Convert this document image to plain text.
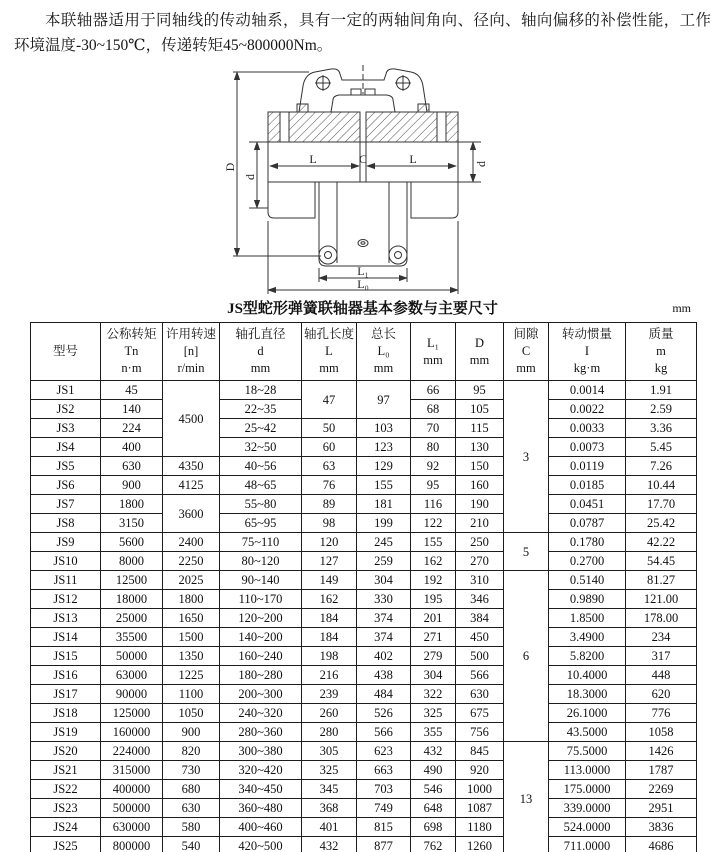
本联轴器适用于同轴线的传动轴系，具有一定的两轴间角向、径向、轴向偏移的补偿性能，工作环境温度-30~150℃，传递转矩45~800000Nm。

D
d
d
L	C	L
L₁
L₀
JS型蛇形弹簧联轴器基本参数与主要尺寸	mm
型号

公称转矩
Tn
n·m

许用转速
[n]
r/min

轴孔直径
d
mm

轴孔长度
L
mm

总长
L₀
mm

L₁
mm

D
mm

间隙
C
mm

转动惯量
I
kg·m

质量
m
kg

JS1	45	4500	18~28	47	97	66	95	3	0.0014	1.91
JS2	140		22~35			68	105		0.0022	2.59
JS3	224		25~42	50	103	70	115		0.0033	3.36
JS4	400		32~50	60	123	80	130		0.0073	5.45
JS5	630	4350	40~56	63	129	92	150		0.0119	7.26
JS6	900	4125	48~65	76	155	95	160		0.0185	10.44
JS7	1800	3600	55~80	89	181	116	190		0.0451	17.70
JS8	3150		65~95	98	199	122	210		0.0787	25.42
JS9	5600	2400	75~110	120	245	155	250	5	0.1780	42.22
JS10	8000	2250	80~120	127	259	162	270		0.2700	54.45
JS11	12500	2025	90~140	149	304	192	310	6	0.5140	81.27
JS12	18000	1800	110~170	162	330	195	346		0.9890	121.00
JS13	25000	1650	120~200	184	374	201	384		1.8500	178.00
JS14	35500	1500	140~200	184	374	271	450		3.4900	234
JS15	50000	1350	160~240	198	402	279	500		5.8200	317
JS16	63000	1225	180~280	216	438	304	566		10.4000	448
JS17	90000	1100	200~300	239	484	322	630		18.3000	620
JS18	125000	1050	240~320	260	526	325	675		26.1000	776
JS19	160000	900	280~360	280	566	355	756		43.5000	1058
JS20	224000	820	300~380	305	623	432	845	13	75.5000	1426
JS21	315000	730	320~420	325	663	490	920		113.0000	1787
JS22	400000	680	340~450	345	703	546	1000		175.0000	2269
JS23	500000	630	360~480	368	749	648	1087		339.0000	2951
JS24	630000	580	400~460	401	815	698	1180		524.0000	3836
JS25	800000	540	420~500	432	877	762	1260		711.0000	4686
